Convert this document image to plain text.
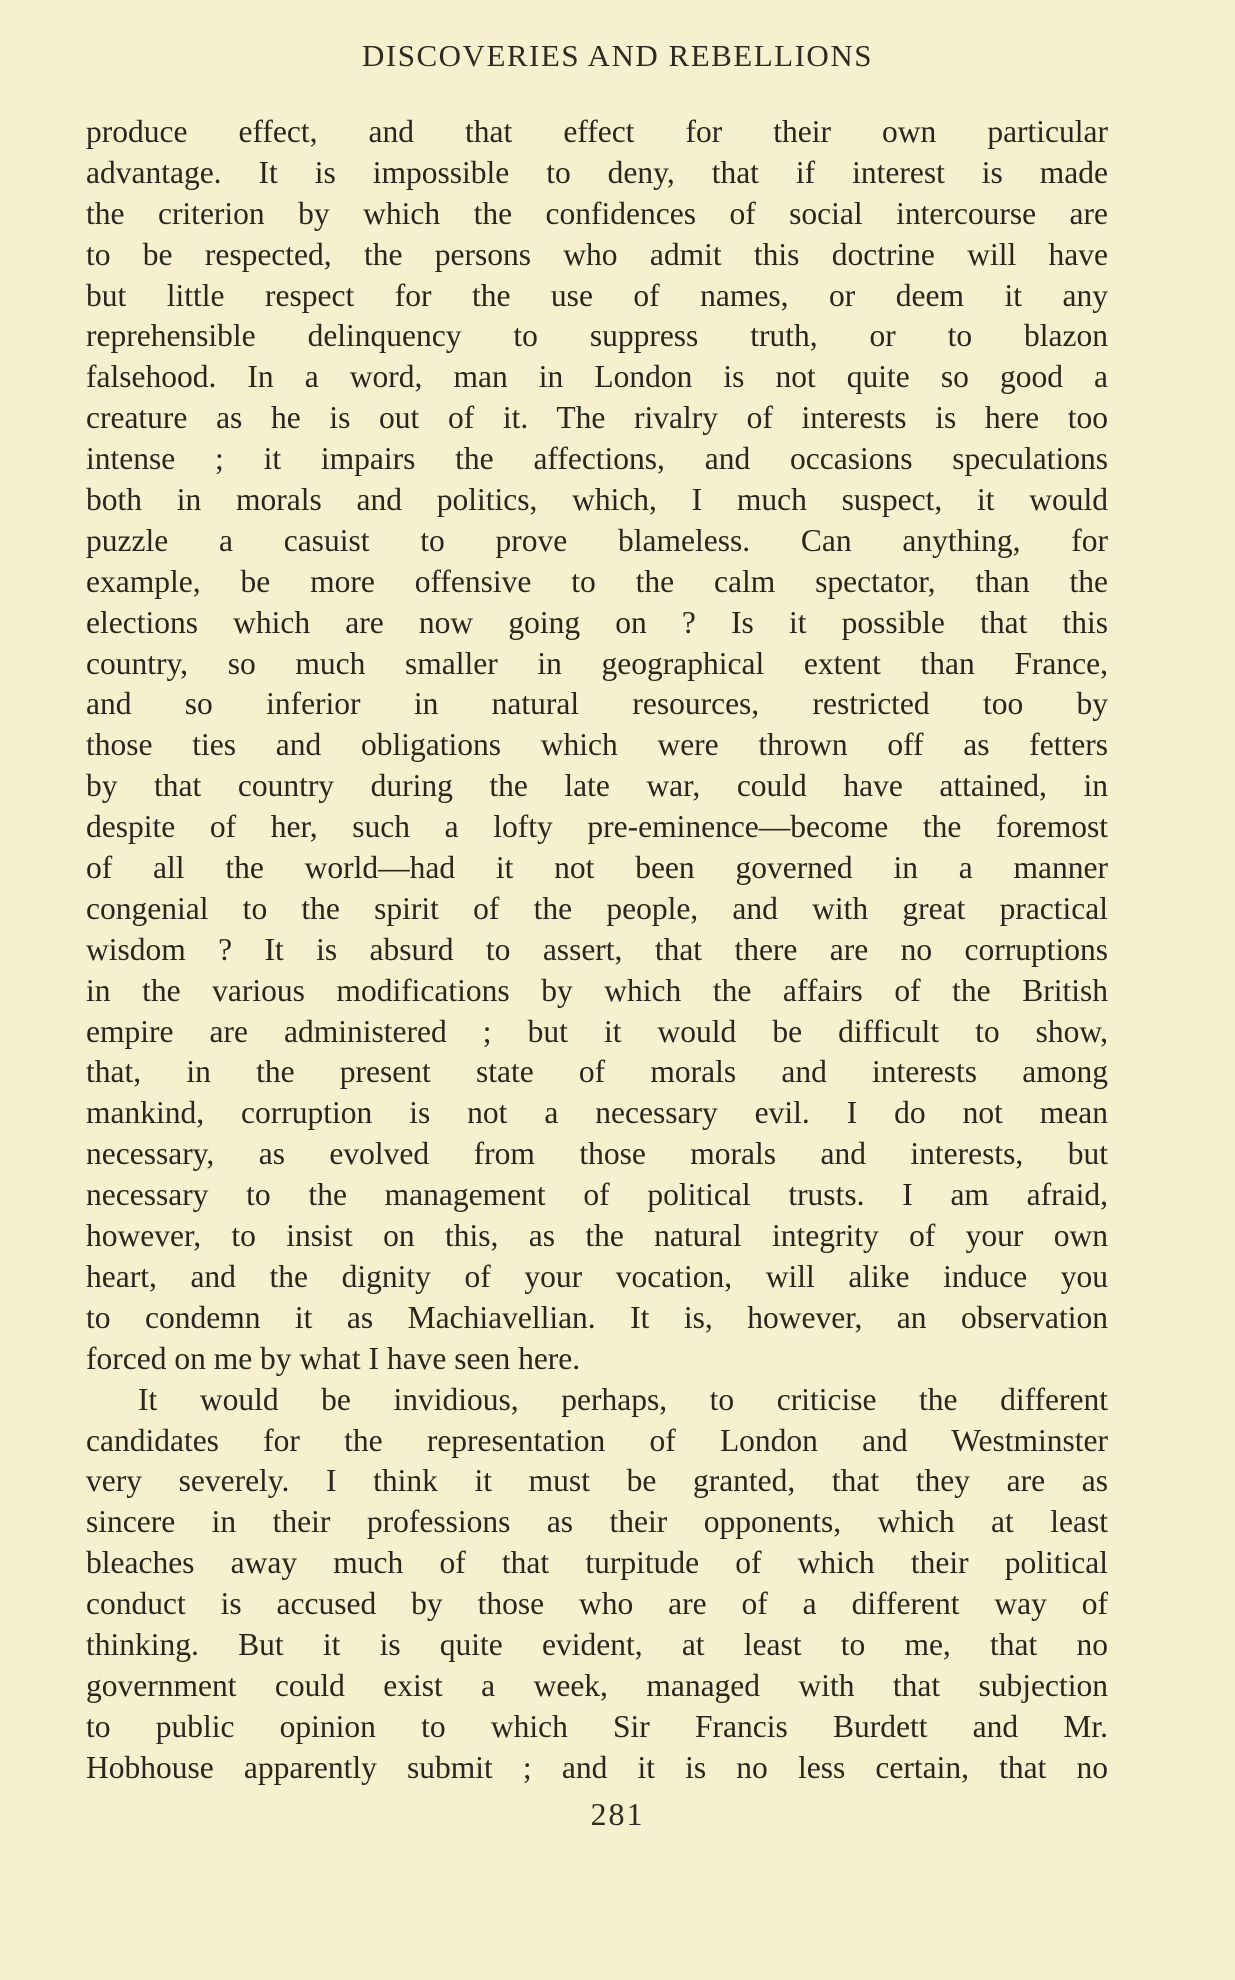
DISCOVERIES AND REBELLIONS
produce effect, and that effect for their own particular
advantage. It is impossible to deny, that if interest is made
the criterion by which the confidences of social intercourse are
to be respected, the persons who admit this doctrine will have
but little respect for the use of names, or deem it any
reprehensible delinquency to suppress truth, or to blazon
falsehood. In a word, man in London is not quite so good a
creature as he is out of it. The rivalry of interests is here too
intense ; it impairs the affections, and occasions speculations
both in morals and politics, which, I much suspect, it would
puzzle a casuist to prove blameless. Can anything, for
example, be more offensive to the calm spectator, than the
elections which are now going on ? Is it possible that this
country, so much smaller in geographical extent than France,
and so inferior in natural resources, restricted too by
those ties and obligations which were thrown off as fetters
by that country during the late war, could have attained, in
despite of her, such a lofty pre-eminence—become the foremost
of all the world—had it not been governed in a manner
congenial to the spirit of the people, and with great practical
wisdom ? It is absurd to assert, that there are no corruptions
in the various modifications by which the affairs of the British
empire are administered ; but it would be difficult to show,
that, in the present state of morals and interests among
mankind, corruption is not a necessary evil. I do not mean
necessary, as evolved from those morals and interests, but
necessary to the management of political trusts. I am afraid,
however, to insist on this, as the natural integrity of your own
heart, and the dignity of your vocation, will alike induce you
to condemn it as Machiavellian. It is, however, an observation
forced on me by what I have seen here.
It would be invidious, perhaps, to criticise the different
candidates for the representation of London and Westminster
very severely. I think it must be granted, that they are as
sincere in their professions as their opponents, which at least
bleaches away much of that turpitude of which their political
conduct is accused by those who are of a different way of
thinking. But it is quite evident, at least to me, that no
government could exist a week, managed with that subjection
to public opinion to which Sir Francis Burdett and Mr.
Hobhouse apparently submit ; and it is no less certain, that no
281
